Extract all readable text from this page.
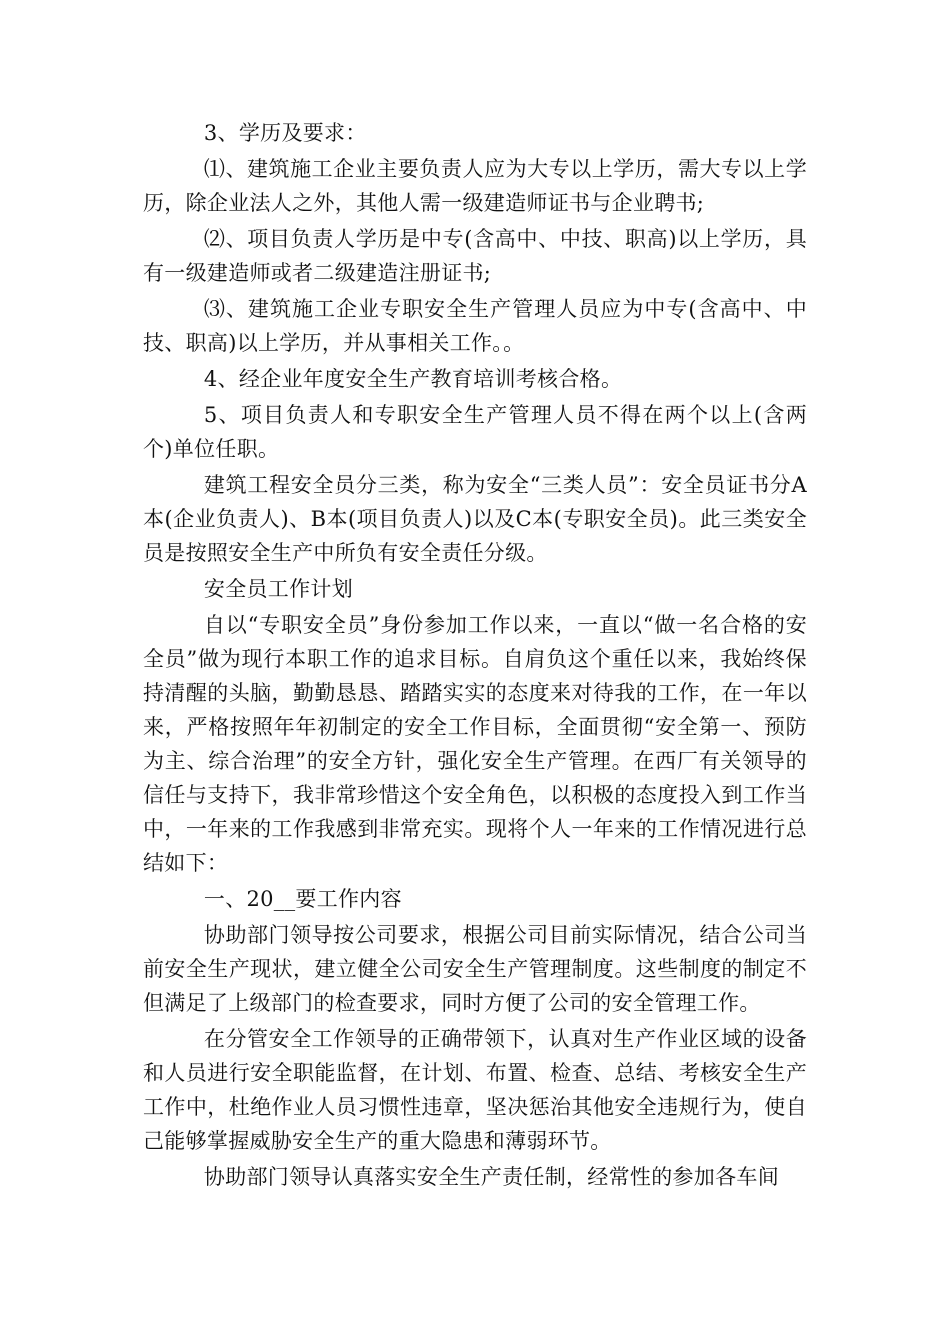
3、学历及要求：

⑴、建筑施工企业主要负责人应为大专以上学历，需大专以上学历，除企业法人之外，其他人需一级建造师证书与企业聘书;

⑵、项目负责人学历是中专(含高中、中技、职高)以上学历，具有一级建造师或者二级建造注册证书;

⑶、建筑施工企业专职安全生产管理人员应为中专(含高中、中技、职高)以上学历，并从事相关工作。。

4、经企业年度安全生产教育培训考核合格。

5、项目负责人和专职安全生产管理人员不得在两个以上(含两个)单位任职。

建筑工程安全员分三类，称为安全“三类人员”：安全员证书分A本(企业负责人)、B本(项目负责人)以及C本(专职安全员)。此三类安全员是按照安全生产中所负有安全责任分级。

安全员工作计划

自以“专职安全员”身份参加工作以来，一直以“做一名合格的安全员”做为现行本职工作的追求目标。自肩负这个重任以来，我始终保持清醒的头脑，勤勤恳恳、踏踏实实的态度来对待我的工作，在一年以来，严格按照年年初制定的安全工作目标，全面贯彻“安全第一、预防为主、综合治理”的安全方针，强化安全生产管理。在西厂有关领导的信任与支持下，我非常珍惜这个安全角色，以积极的态度投入到工作当中，一年来的工作我感到非常充实。现将个人一年来的工作情况进行总结如下：

一、20__要工作内容

协助部门领导按公司要求，根据公司目前实际情况，结合公司当前安全生产现状，建立健全公司安全生产管理制度。这些制度的制定不但满足了上级部门的检查要求，同时方便了公司的安全管理工作。

在分管安全工作领导的正确带领下，认真对生产作业区域的设备和人员进行安全职能监督，在计划、布置、检查、总结、考核安全生产工作中，杜绝作业人员习惯性违章，坚决惩治其他安全违规行为，使自己能够掌握威胁安全生产的重大隐患和薄弱环节。

协助部门领导认真落实安全生产责任制，经常性的参加各车间
